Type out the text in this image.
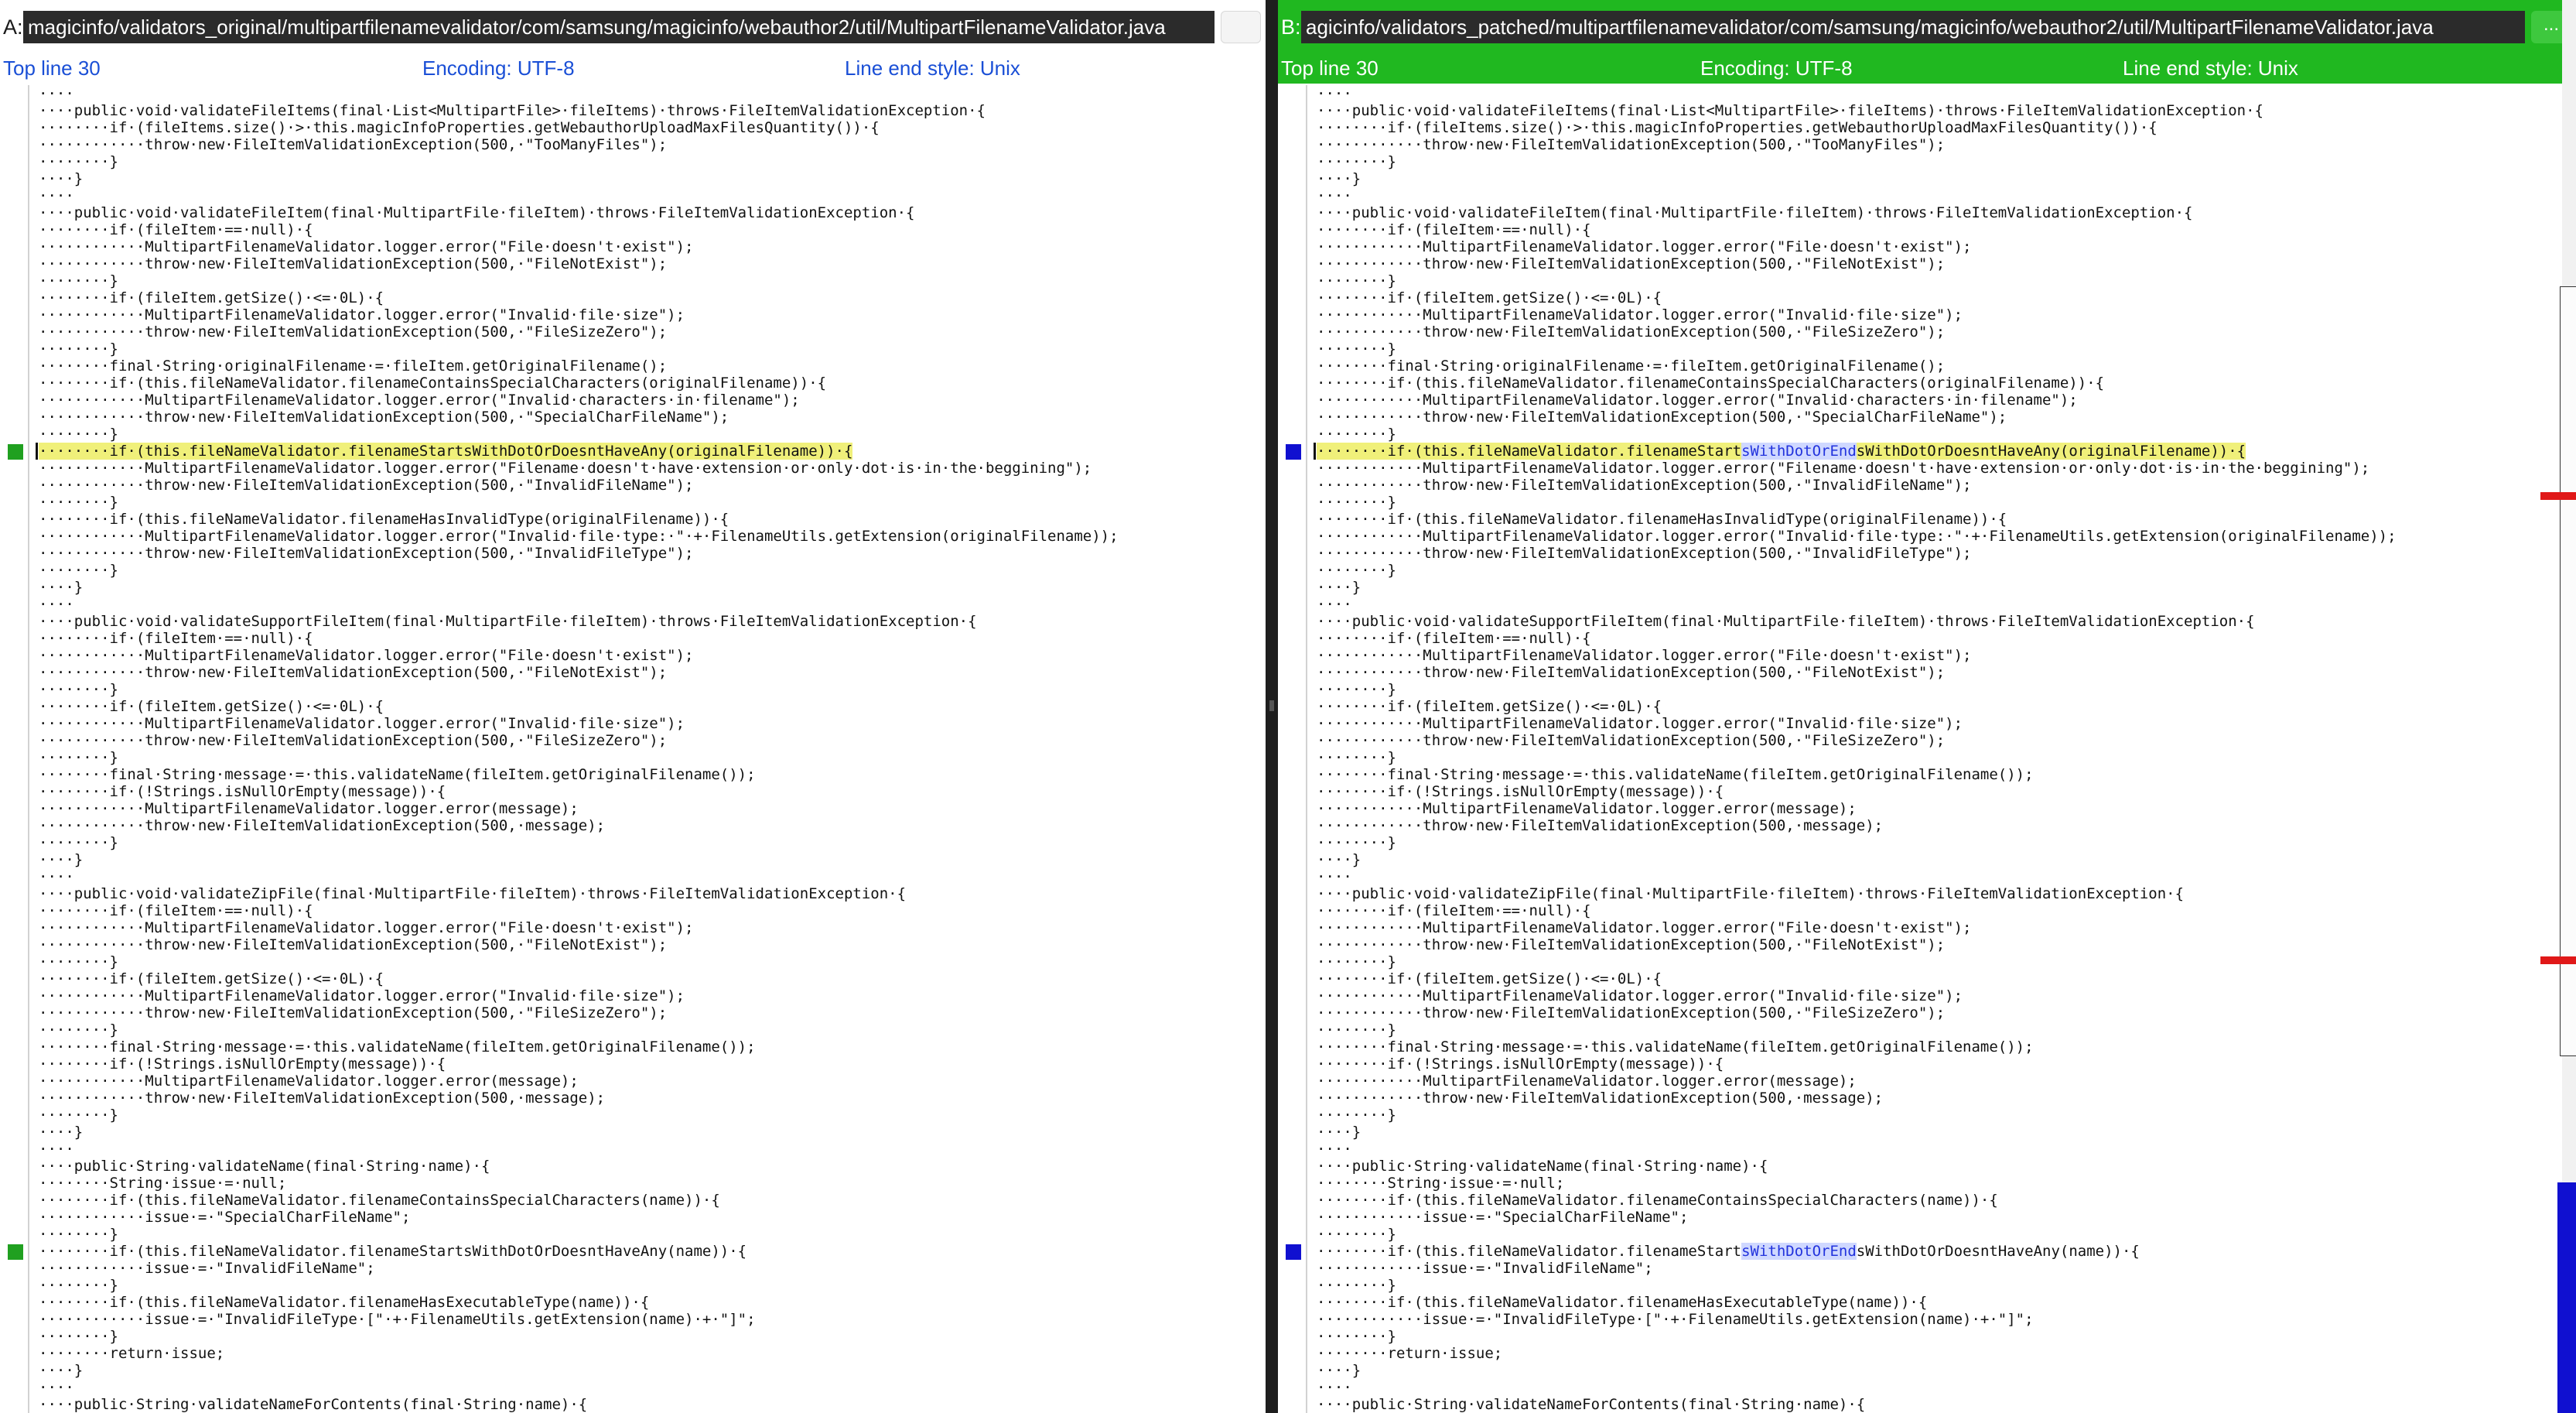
A: magicinfo/validators_original/multipartfilenamevalidator/com/samsung/magicinfo/webauthor2/util/MultipartFilenameValidator.java
Top line 30	Encoding: UTF-8	Line end style: Unix
····
····public·void·validateFileItems(final·List<MultipartFile>·fileItems)·throws·FileItemValidationException·{
········if·(fileItems.size()·>·this.magicInfoProperties.getWebauthorUploadMaxFilesQuantity())·{
············throw·new·FileItemValidationException(500,·"TooManyFiles");
········}
····}
····
····public·void·validateFileItem(final·MultipartFile·fileItem)·throws·FileItemValidationException·{
········if·(fileItem·==·null)·{
············MultipartFilenameValidator.logger.error("File·doesn't·exist");
············throw·new·FileItemValidationException(500,·"FileNotExist");
········}
········if·(fileItem.getSize()·<=·0L)·{
············MultipartFilenameValidator.logger.error("Invalid·file·size");
············throw·new·FileItemValidationException(500,·"FileSizeZero");
········}
········final·String·originalFilename·=·fileItem.getOriginalFilename();
········if·(this.fileNameValidator.filenameContainsSpecialCharacters(originalFilename))·{
············MultipartFilenameValidator.logger.error("Invalid·characters·in·filename");
············throw·new·FileItemValidationException(500,·"SpecialCharFileName");
········}
········if·(this.fileNameValidator.filenameStartsWithDotOrDoesntHaveAny(originalFilename))·{
············MultipartFilenameValidator.logger.error("Filename·doesn't·have·extension·or·only·dot·is·in·the·beggining");
············throw·new·FileItemValidationException(500,·"InvalidFileName");
········}
········if·(this.fileNameValidator.filenameHasInvalidType(originalFilename))·{
············MultipartFilenameValidator.logger.error("Invalid·file·type:·"·+·FilenameUtils.getExtension(originalFilename));
············throw·new·FileItemValidationException(500,·"InvalidFileType");
········}
····}
····
····public·void·validateSupportFileItem(final·MultipartFile·fileItem)·throws·FileItemValidationException·{
········if·(fileItem·==·null)·{
············MultipartFilenameValidator.logger.error("File·doesn't·exist");
············throw·new·FileItemValidationException(500,·"FileNotExist");
········}
········if·(fileItem.getSize()·<=·0L)·{
············MultipartFilenameValidator.logger.error("Invalid·file·size");
············throw·new·FileItemValidationException(500,·"FileSizeZero");
········}
········final·String·message·=·this.validateName(fileItem.getOriginalFilename());
········if·(!Strings.isNullOrEmpty(message))·{
············MultipartFilenameValidator.logger.error(message);
············throw·new·FileItemValidationException(500,·message);
········}
····}
····
····public·void·validateZipFile(final·MultipartFile·fileItem)·throws·FileItemValidationException·{
········if·(fileItem·==·null)·{
············MultipartFilenameValidator.logger.error("File·doesn't·exist");
············throw·new·FileItemValidationException(500,·"FileNotExist");
········}
········if·(fileItem.getSize()·<=·0L)·{
············MultipartFilenameValidator.logger.error("Invalid·file·size");
············throw·new·FileItemValidationException(500,·"FileSizeZero");
········}
········final·String·message·=·this.validateName(fileItem.getOriginalFilename());
········if·(!Strings.isNullOrEmpty(message))·{
············MultipartFilenameValidator.logger.error(message);
············throw·new·FileItemValidationException(500,·message);
········}
····}
····
····public·String·validateName(final·String·name)·{
········String·issue·=·null;
········if·(this.fileNameValidator.filenameContainsSpecialCharacters(name))·{
············issue·=·"SpecialCharFileName";
········}
········if·(this.fileNameValidator.filenameStartsWithDotOrDoesntHaveAny(name))·{
············issue·=·"InvalidFileName";
········}
········if·(this.fileNameValidator.filenameHasExecutableType(name))·{
············issue·=·"InvalidFileType·["·+·FilenameUtils.getExtension(name)·+·"]";
········}
········return·issue;
····}
····
····public·String·validateNameForContents(final·String·name)·{
B: agicinfo/validators_patched/multipartfilenamevalidator/com/samsung/magicinfo/webauthor2/util/MultipartFilenameValidator.java	...
Top line 30	Encoding: UTF-8	Line end style: Unix
····
····public·void·validateFileItems(final·List<MultipartFile>·fileItems)·throws·FileItemValidationException·{
········if·(fileItems.size()·>·this.magicInfoProperties.getWebauthorUploadMaxFilesQuantity())·{
············throw·new·FileItemValidationException(500,·"TooManyFiles");
········}
····}
····
····public·void·validateFileItem(final·MultipartFile·fileItem)·throws·FileItemValidationException·{
········if·(fileItem·==·null)·{
············MultipartFilenameValidator.logger.error("File·doesn't·exist");
············throw·new·FileItemValidationException(500,·"FileNotExist");
········}
········if·(fileItem.getSize()·<=·0L)·{
············MultipartFilenameValidator.logger.error("Invalid·file·size");
············throw·new·FileItemValidationException(500,·"FileSizeZero");
········}
········final·String·originalFilename·=·fileItem.getOriginalFilename();
········if·(this.fileNameValidator.filenameContainsSpecialCharacters(originalFilename))·{
············MultipartFilenameValidator.logger.error("Invalid·characters·in·filename");
············throw·new·FileItemValidationException(500,·"SpecialCharFileName");
········}
········if·(this.fileNameValidator.filenameStartsWithDotOrEndsWithDotOrDoesntHaveAny(originalFilename))·{
············MultipartFilenameValidator.logger.error("Filename·doesn't·have·extension·or·only·dot·is·in·the·beggining");
············throw·new·FileItemValidationException(500,·"InvalidFileName");
········}
········if·(this.fileNameValidator.filenameHasInvalidType(originalFilename))·{
············MultipartFilenameValidator.logger.error("Invalid·file·type:·"·+·FilenameUtils.getExtension(originalFilename));
············throw·new·FileItemValidationException(500,·"InvalidFileType");
········}
····}
····
····public·void·validateSupportFileItem(final·MultipartFile·fileItem)·throws·FileItemValidationException·{
········if·(fileItem·==·null)·{
············MultipartFilenameValidator.logger.error("File·doesn't·exist");
············throw·new·FileItemValidationException(500,·"FileNotExist");
········}
········if·(fileItem.getSize()·<=·0L)·{
············MultipartFilenameValidator.logger.error("Invalid·file·size");
············throw·new·FileItemValidationException(500,·"FileSizeZero");
········}
········final·String·message·=·this.validateName(fileItem.getOriginalFilename());
········if·(!Strings.isNullOrEmpty(message))·{
············MultipartFilenameValidator.logger.error(message);
············throw·new·FileItemValidationException(500,·message);
········}
····}
····
····public·void·validateZipFile(final·MultipartFile·fileItem)·throws·FileItemValidationException·{
········if·(fileItem·==·null)·{
············MultipartFilenameValidator.logger.error("File·doesn't·exist");
············throw·new·FileItemValidationException(500,·"FileNotExist");
········}
········if·(fileItem.getSize()·<=·0L)·{
············MultipartFilenameValidator.logger.error("Invalid·file·size");
············throw·new·FileItemValidationException(500,·"FileSizeZero");
········}
········final·String·message·=·this.validateName(fileItem.getOriginalFilename());
········if·(!Strings.isNullOrEmpty(message))·{
············MultipartFilenameValidator.logger.error(message);
············throw·new·FileItemValidationException(500,·message);
········}
····}
····
····public·String·validateName(final·String·name)·{
········String·issue·=·null;
········if·(this.fileNameValidator.filenameContainsSpecialCharacters(name))·{
············issue·=·"SpecialCharFileName";
········}
········if·(this.fileNameValidator.filenameStartsWithDotOrEndsWithDotOrDoesntHaveAny(name))·{
············issue·=·"InvalidFileName";
········}
········if·(this.fileNameValidator.filenameHasExecutableType(name))·{
············issue·=·"InvalidFileType·["·+·FilenameUtils.getExtension(name)·+·"]";
········}
········return·issue;
····}
····
····public·String·validateNameForContents(final·String·name)·{
